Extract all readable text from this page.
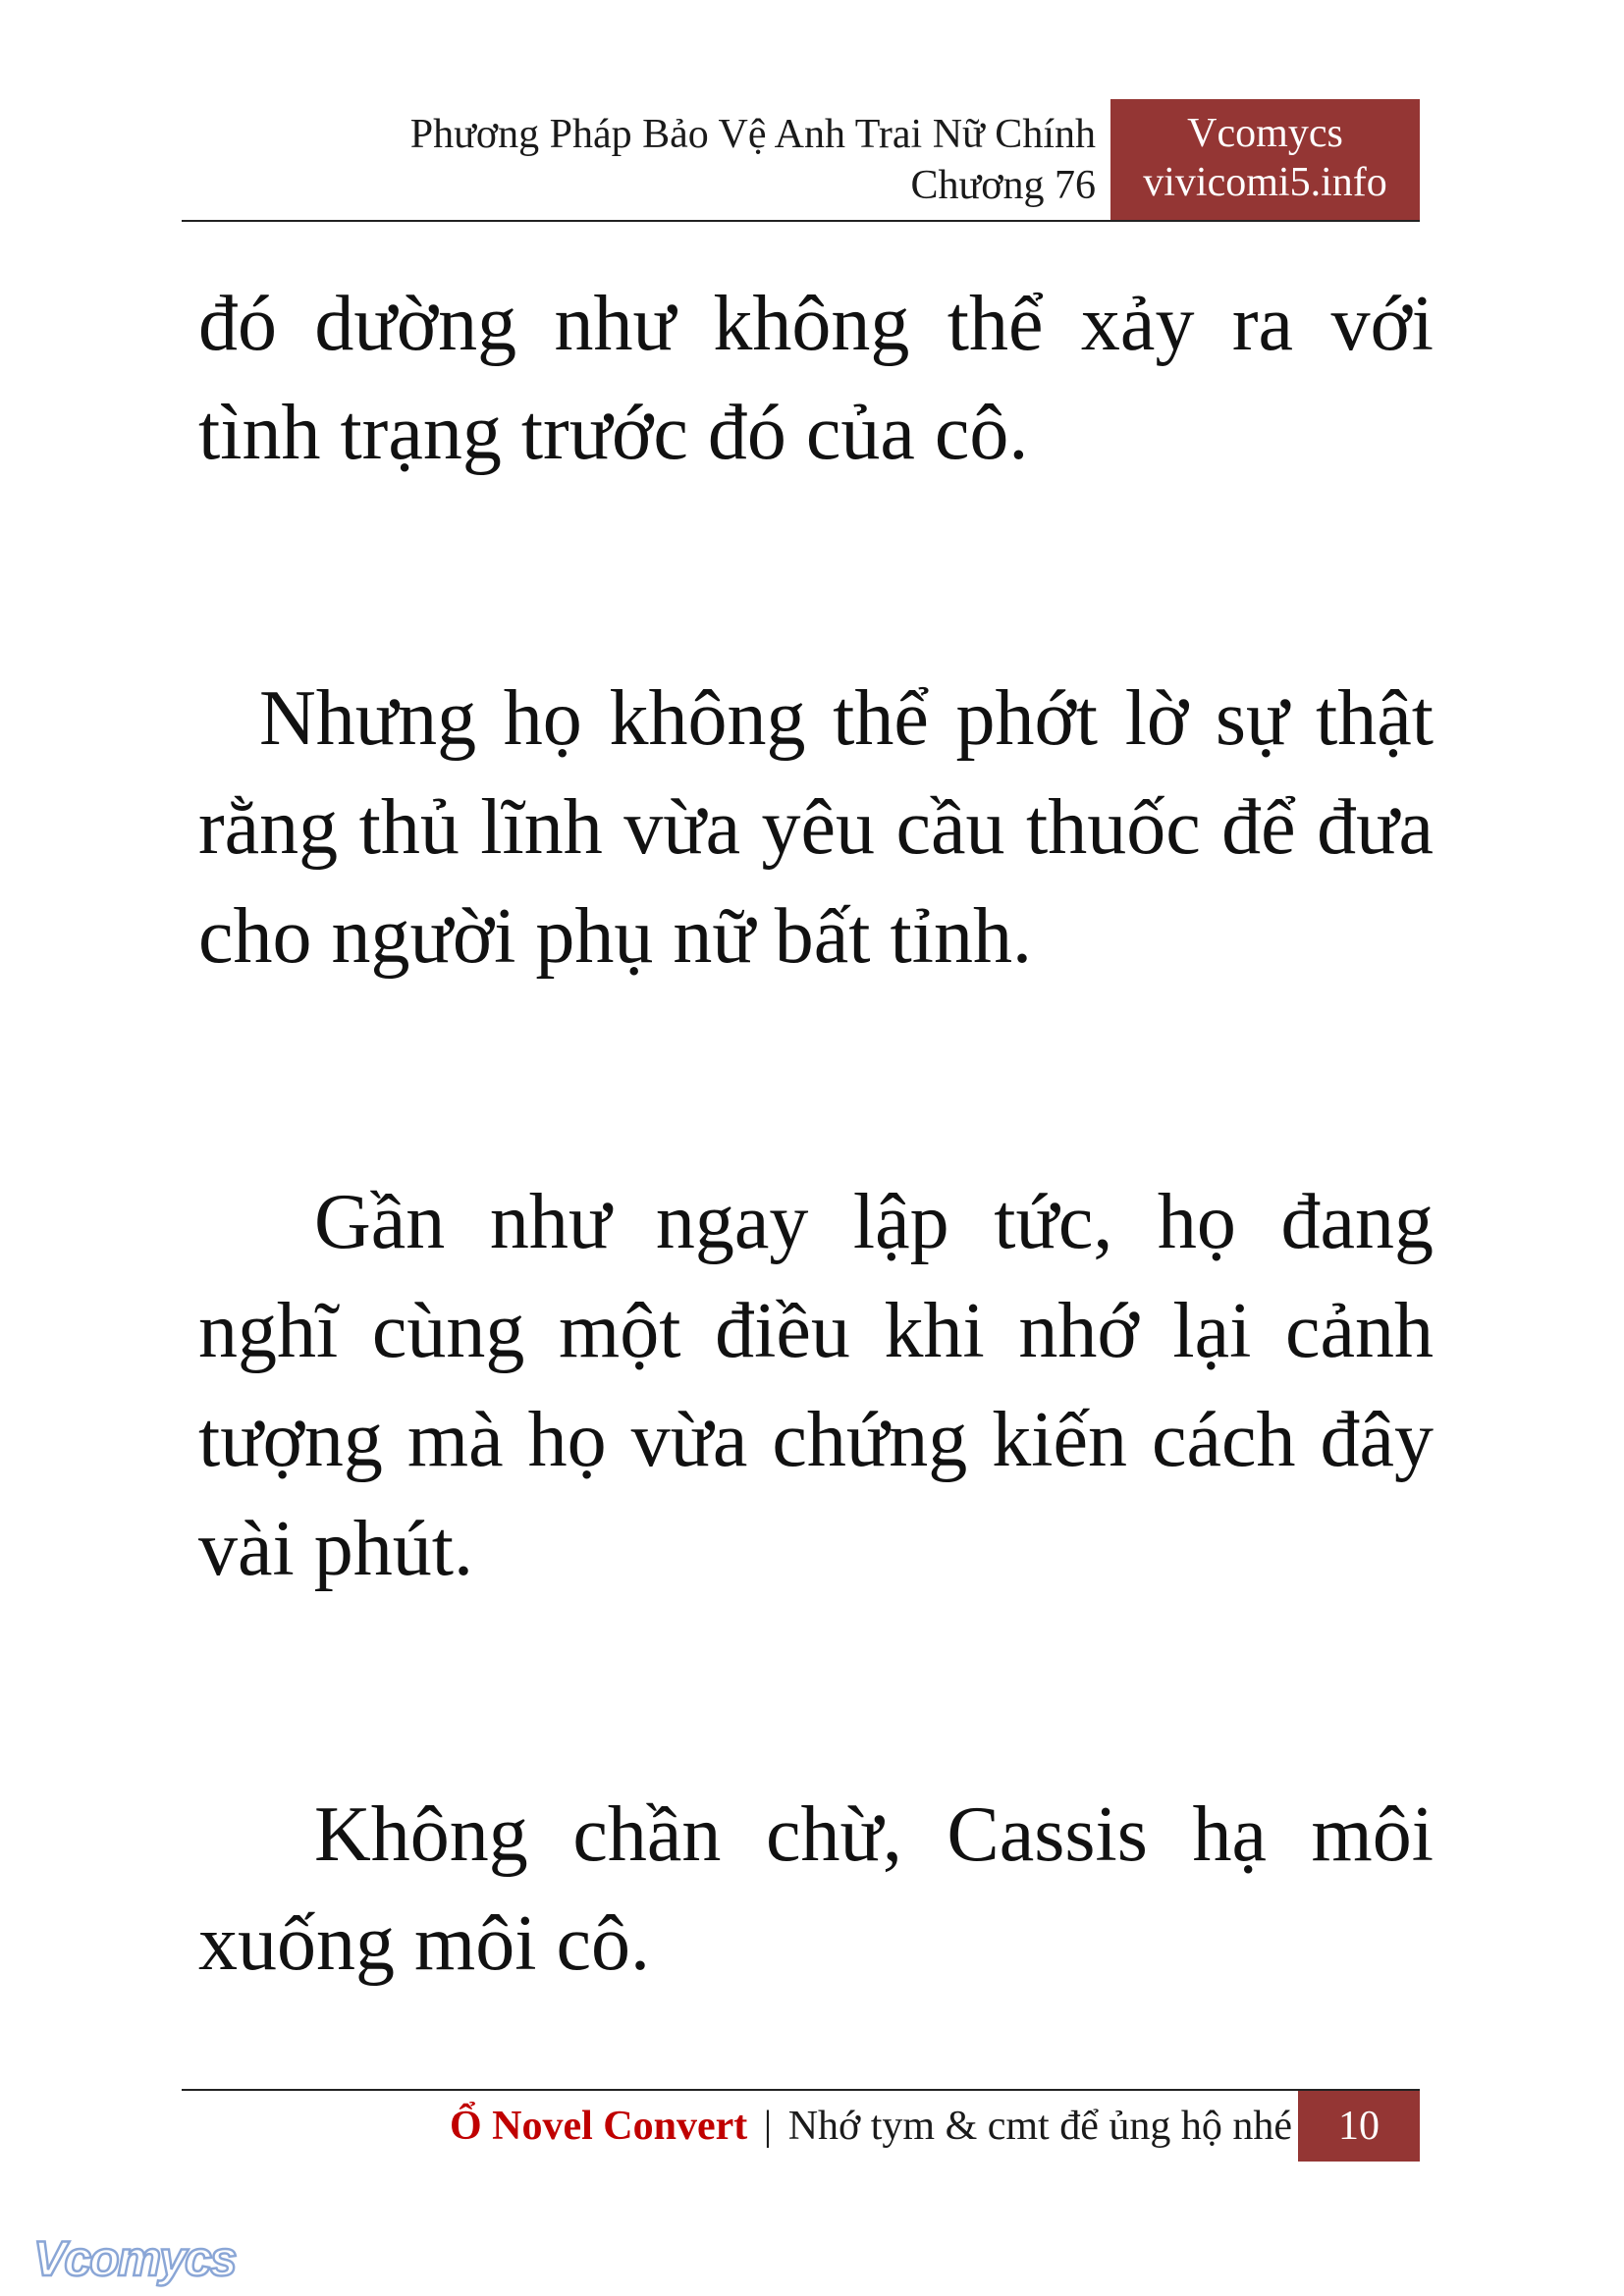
Phương Pháp Bảo Vệ Anh Trai Nữ Chính
Chương 76
Vcomycs
vivicomi5.info

đó dường như không thể xảy ra với tình trạng trước đó của cô.

Nhưng họ không thể phớt lờ sự thật rằng thủ lĩnh vừa yêu cầu thuốc để đưa cho người phụ nữ bất tỉnh.

Gần như ngay lập tức, họ đang nghĩ cùng một điều khi nhớ lại cảnh tượng mà họ vừa chứng kiến cách đây vài phút.

Không chần chừ, Cassis hạ môi xuống môi cô.

Ổ Novel Convert | Nhớ tym & cmt để ủng hộ nhé	10
Vcomycs
